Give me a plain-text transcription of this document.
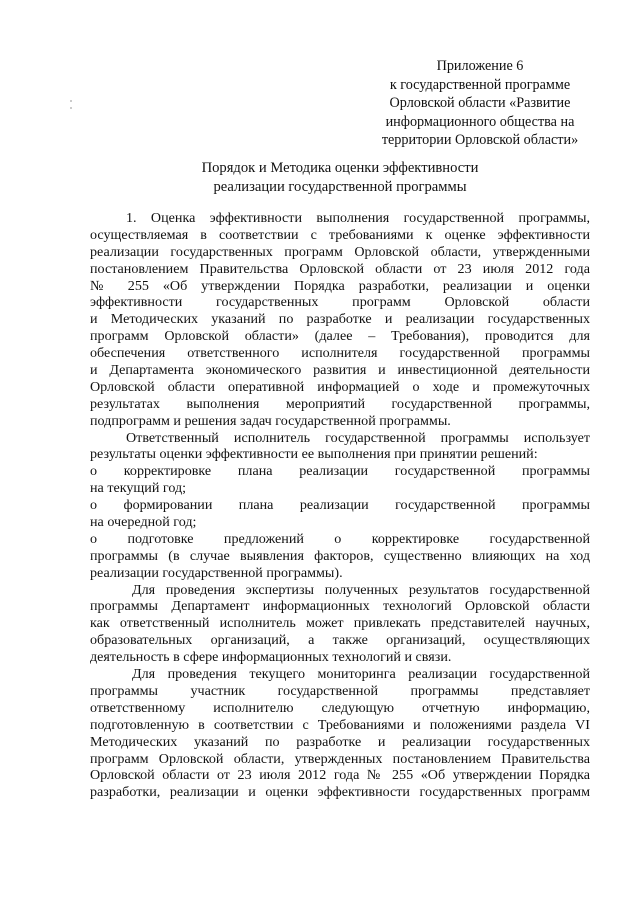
Приложение 6
к государственной программе
Орловской области «Развитие
информационного общества на
территории Орловской области»
Порядок и Методика оценки эффективности
реализации государственной программы
1. Оценка эффективности выполнения государственной программы,
осуществляемая в соответствии с требованиями к оценке эффективности
реализации государственных программ Орловской области, утвержденными
постановлением Правительства Орловской области от 23 июля 2012 года
№ 255 «Об утверждении Порядка разработки, реализации и оценки
эффективности государственных программ Орловской области
и Методических указаний по разработке и реализации государственных
программ Орловской области» (далее – Требования), проводится для
обеспечения ответственного исполнителя государственной программы
и Департамента экономического развития и инвестиционной деятельности
Орловской области оперативной информацией о ходе и промежуточных
результатах выполнения мероприятий государственной программы,
подпрограмм и решения задач государственной программы.
Ответственный исполнитель государственной программы использует
результаты оценки эффективности ее выполнения при принятии решений:
о корректировке плана реализации государственной программы
на текущий год;
о формировании плана реализации государственной программы
на очередной год;
о подготовке предложений о корректировке государственной
программы (в случае выявления факторов, существенно влияющих на ход
реализации государственной программы).
Для проведения экспертизы полученных результатов государственной
программы Департамент информационных технологий Орловской области
как ответственный исполнитель может привлекать представителей научных,
образовательных организаций, а также организаций, осуществляющих
деятельность в сфере информационных технологий и связи.
Для проведения текущего мониторинга реализации государственной
программы участник государственной программы представляет
ответственному исполнителю следующую отчетную информацию,
подготовленную в соответствии с Требованиями и положениями раздела VI
Методических указаний по разработке и реализации государственных
программ Орловской области, утвержденных постановлением Правительства
Орловской области от 23 июля 2012 года № 255 «Об утверждении Порядка
разработки, реализации и оценки эффективности государственных программ
